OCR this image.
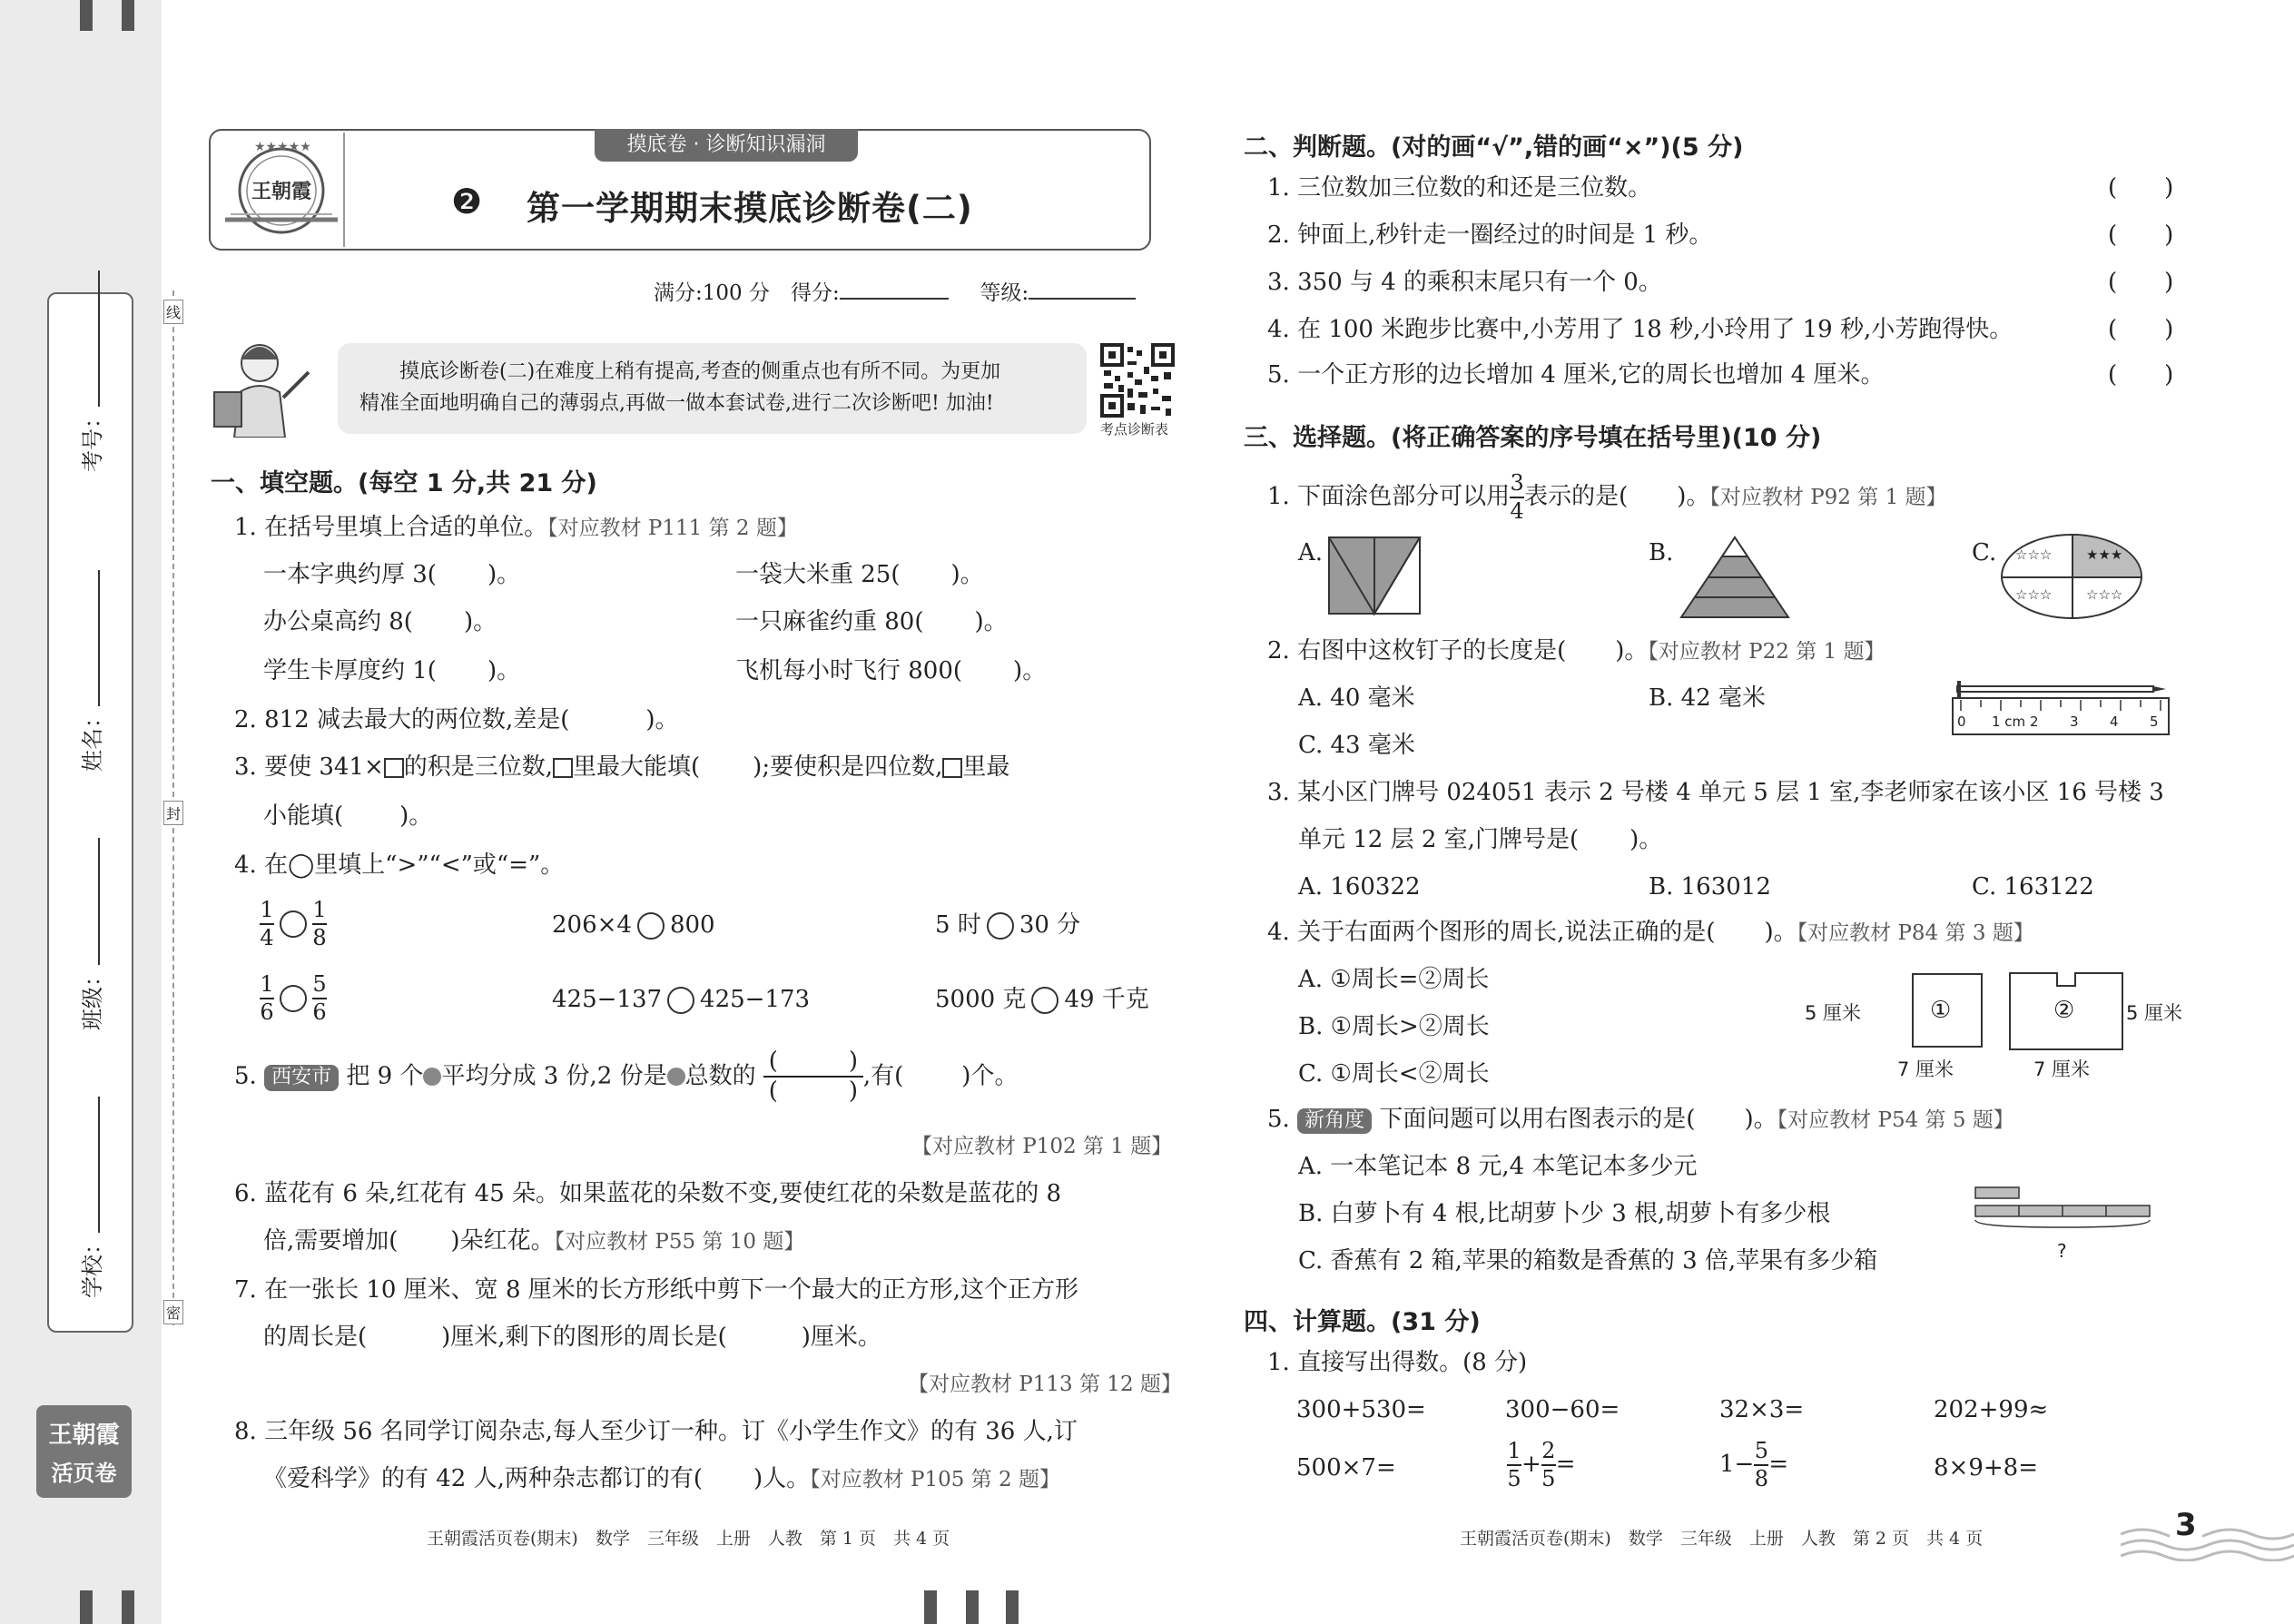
考号：
姓名：
班级：
学校：
线
封
密
王朝霞
活页卷
摸底卷 · 诊断知识漏洞
★★★★★
王朝霞	❷ 第一学期期末摸底诊断卷(二)
满分:100 分　得分:	等级:
摸底诊断卷(二)在难度上稍有提高,考查的侧重点也有所不同。为更加
精准全面地明确自己的薄弱点,再做一做本套试卷,进行二次诊断吧! 加油!
考点诊断表
一、填空题。(每空 1 分,共 21 分)
1. 在括号里填上合适的单位。【对应教材 P111 第 2 题】
一本字典约厚 3( )。	一袋大米重 25( )。
办公桌高约 8( )。	一只麻雀约重 80( )。
学生卡厚度约 1( )。	飞机每小时飞行 800( )。
2. 812 减去最大的两位数,差是(	)。
3. 要使 341× 的积是三位数, 里最大能填( );要使积是四位数, 里最
小能填( )。
4. 在◯里填上“>”“<”或“=”。
$\frac{1}{4} \frac{1}{8}$	206×4 800	5 时 30 分
$\frac{1}{6} \frac{5}{6}$	425−137 425−173	5000 克 49 千克
5. 西安市 把 9 个 平均分成 3 份,2 份是 总数的 $\frac{( )}{( )}$ ,有( )个。
【对应教材 P102 第 1 题】
6. 蓝花有 6 朵,红花有 45 朵。如果蓝花的朵数不变,要使红花的朵数是蓝花的 8
倍,需要增加( )朵红花。【对应教材 P55 第 10 题】
7. 在一张长 10 厘米、宽 8 厘米的长方形纸中剪下一个最大的正方形,这个正方形
的周长是(	)厘米,剩下的图形的周长是(	)厘米。
【对应教材 P113 第 12 题】
8. 三年级 56 名同学订阅杂志,每人至少订一种。订《小学生作文》的有 36 人,订
《爱科学》的有 42 人,两种杂志都订的有( )人。【对应教材 P105 第 2 题】
王朝霞活页卷(期末)　数学　三年级　上册　人教　第 1 页　共 4 页
二、判断题。(对的画“√”,错的画“×”)(5 分)
1. 三位数加三位数的和还是三位数。	(　　)
2. 钟面上,秒针走一圈经过的时间是 1 秒。	(　　)
3. 350 与 4 的乘积末尾只有一个 0。	(　　)
4. 在 100 米跑步比赛中,小芳用了 18 秒,小玲用了 19 秒,小芳跑得快。	(　　)
5. 一个正方形的边长增加 4 厘米,它的周长也增加 4 厘米。	(　　)
三、选择题。(将正确答案的序号填在括号里)(10 分)
1. 下面涂色部分可以用 $\frac{3}{4}$ 表示的是( )。【对应教材 P92 第 1 题】
A.	B.	C. ☆☆☆	★★★
☆☆☆	☆☆☆
2. 右图中这枚钉子的长度是( )。【对应教材 P22 第 1 题】
A. 40 毫米	B. 42 毫米
C. 43 毫米
0 1 cm 2 3 4 5
3. 某小区门牌号 024051 表示 2 号楼 4 单元 5 层 1 室,李老师家在该小区 16 号楼 3
单元 12 层 2 室,门牌号是( )。
A. 160322	B. 163012	C. 163122
4. 关于右面两个图形的周长,说法正确的是( )。【对应教材 P84 第 3 题】
A. ①周长=②周长
B. ①周长>②周长
C. ①周长<②周长
5 厘米	①
7 厘米
②	5 厘米
7 厘米
5. 新角度 下面问题可以用右图表示的是( )。【对应教材 P54 第 5 题】
A. 一本笔记本 8 元,4 本笔记本多少元
B. 白萝卜有 4 根,比胡萝卜少 3 根,胡萝卜有多少根
C. 香蕉有 2 箱,苹果的箱数是香蕉的 3 倍,苹果有多少箱	?
四、计算题。(31 分)
1. 直接写出得数。(8 分)
300+530=	300−60=	32×3=	202+99≈
500×7=	$\frac{1}{5} + \frac{2}{5}$ =	$1- \frac{5}{8}$ =	8×9+8=
王朝霞活页卷(期末)　数学　三年级　上册　人教　第 2 页　共 4 页	3
